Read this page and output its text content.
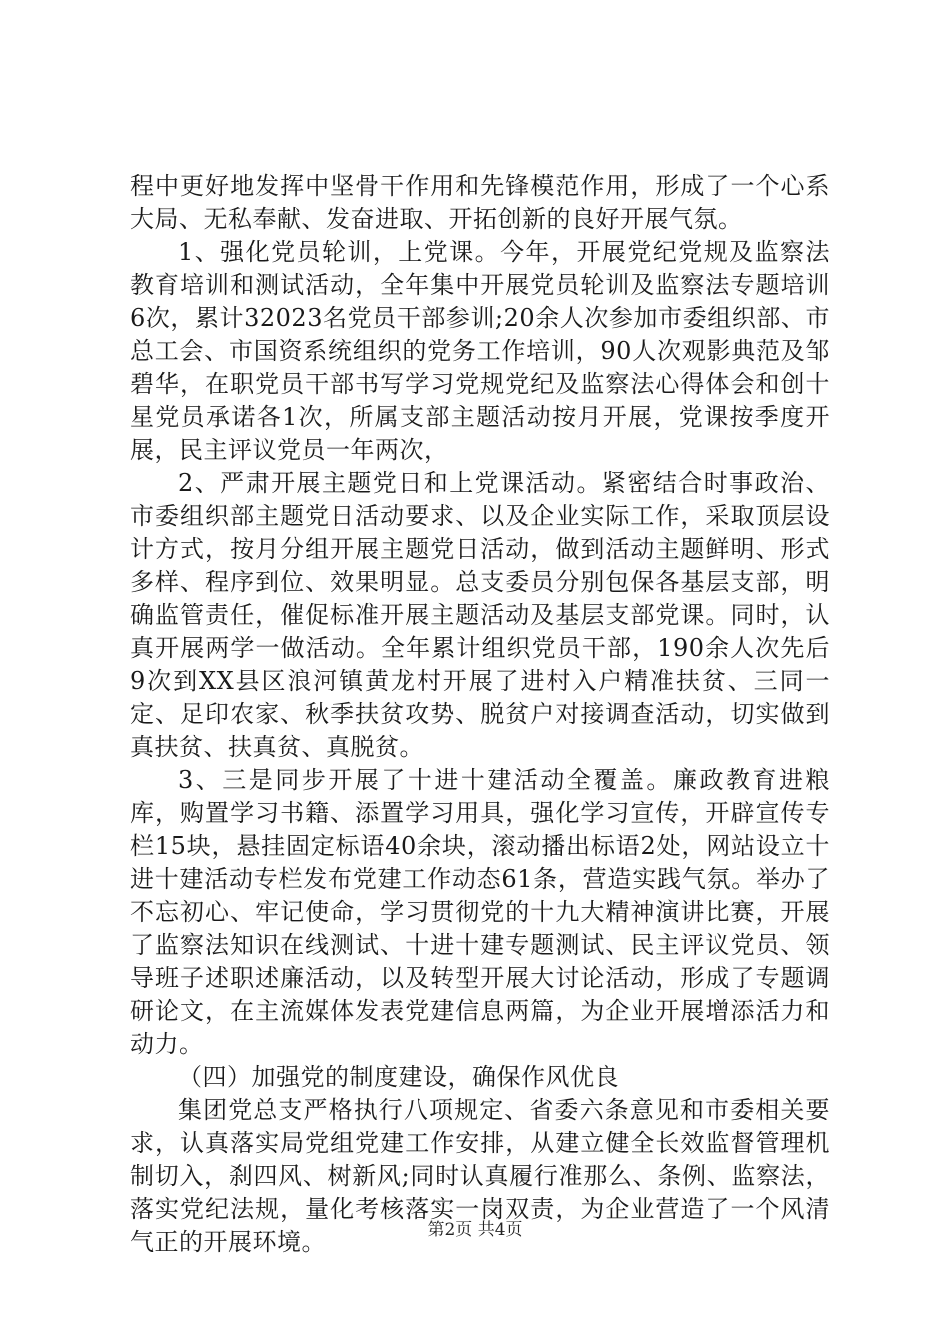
程中更好地发挥中坚骨干作用和先锋模范作用，形成了一个心系大局、无私奉献、发奋进取、开拓创新的良好开展气氛。

1、强化党员轮训，上党课。今年，开展党纪党规及监察法教育培训和测试活动，全年集中开展党员轮训及监察法专题培训6次，累计32023名党员干部参训;20余人次参加市委组织部、市总工会、市国资系统组织的党务工作培训，90人次观影典范及邹碧华，在职党员干部书写学习党规党纪及监察法心得体会和创十星党员承诺各1次，所属支部主题活动按月开展，党课按季度开展，民主评议党员一年两次，

2、严肃开展主题党日和上党课活动。紧密结合时事政治、市委组织部主题党日活动要求、以及企业实际工作，采取顶层设计方式，按月分组开展主题党日活动，做到活动主题鲜明、形式多样、程序到位、效果明显。总支委员分别包保各基层支部，明确监管责任，催促标准开展主题活动及基层支部党课。同时，认真开展两学一做活动。全年累计组织党员干部，190余人次先后9次到XX县区浪河镇黄龙村开展了进村入户精准扶贫、三同一定、足印农家、秋季扶贫攻势、脱贫户对接调查活动，切实做到真扶贫、扶真贫、真脱贫。

3、三是同步开展了十进十建活动全覆盖。廉政教育进粮库，购置学习书籍、添置学习用具，强化学习宣传，开辟宣传专栏15块，悬挂固定标语40余块，滚动播出标语2处，网站设立十进十建活动专栏发布党建工作动态61条，营造实践气氛。举办了不忘初心、牢记使命，学习贯彻党的十九大精神演讲比赛，开展了监察法知识在线测试、十进十建专题测试、民主评议党员、领导班子述职述廉活动，以及转型开展大讨论活动，形成了专题调研论文，在主流媒体发表党建信息两篇，为企业开展增添活力和动力。

（四）加强党的制度建设，确保作风优良

集团党总支严格执行八项规定、省委六条意见和市委相关要求，认真落实局党组党建工作安排，从建立健全长效监督管理机制切入，刹四风、树新风;同时认真履行准那么、条例、监察法，落实党纪法规，量化考核落实一岗双责，为企业营造了一个风清气正的开展环境。	第2页 共4页
